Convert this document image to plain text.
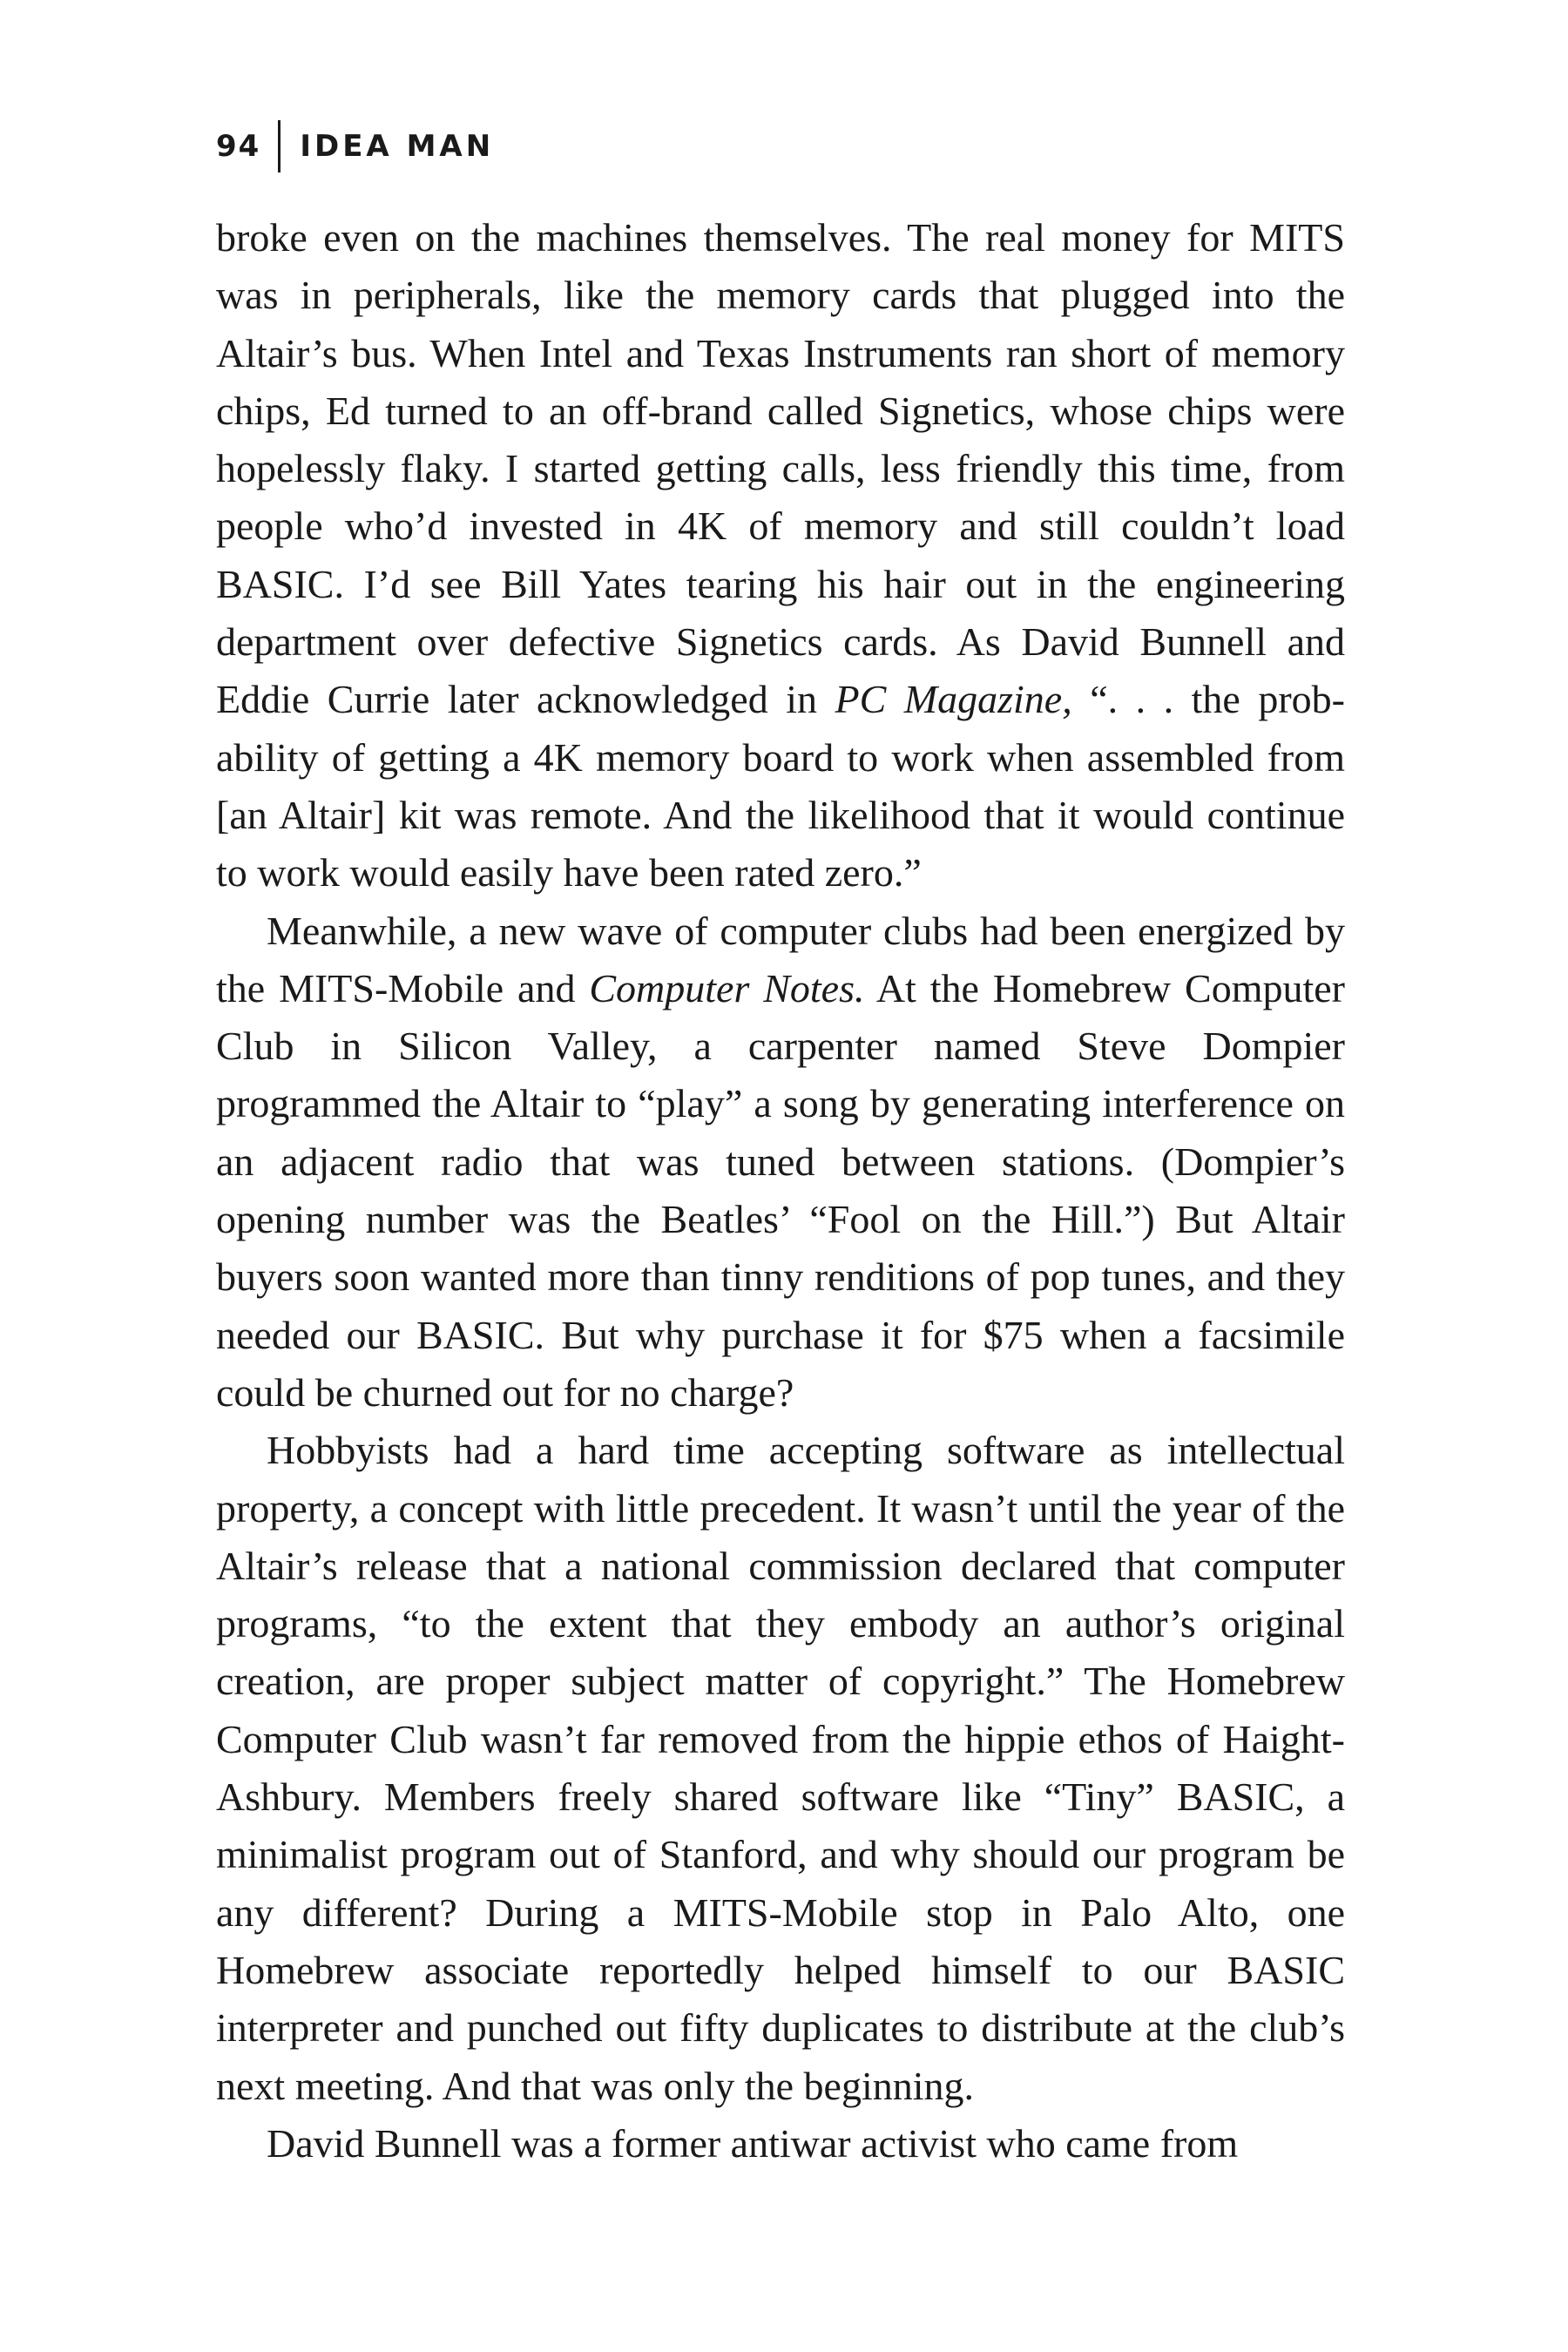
94 IDEA MAN

broke even on the machines themselves. The real money for MITS was in peripherals, like the memory cards that plugged into the Altair’s bus. When Intel and Texas Instruments ran short of memory chips, Ed turned to an off-brand called Signetics, whose chips were hopelessly flaky. I started getting calls, less friendly this time, from people who’d invested in 4K of memory and still couldn’t load BASIC. I’d see Bill Yates tearing his hair out in the engineering department over defective Signetics cards. As David Bunnell and Eddie Currie later acknowledged in PC Magazine, “. . . the probability of getting a 4K memory board to work when assembled from [an Altair] kit was remote. And the likelihood that it would continue to work would easily have been rated zero.”

Meanwhile, a new wave of computer clubs had been energized by the MITS-Mobile and Computer Notes. At the Homebrew Computer Club in Silicon Valley, a carpenter named Steve Dompier programmed the Altair to “play” a song by generating interference on an adjacent radio that was tuned between stations. (Dompier’s opening number was the Beatles’ “Fool on the Hill.”) But Altair buyers soon wanted more than tinny renditions of pop tunes, and they needed our BASIC. But why purchase it for $75 when a facsimile could be churned out for no charge?

Hobbyists had a hard time accepting software as intellectual property, a concept with little precedent. It wasn’t until the year of the Altair’s release that a national commission declared that computer programs, “to the extent that they embody an author’s original creation, are proper subject matter of copyright.” The Homebrew Computer Club wasn’t far removed from the hippie ethos of Haight-Ashbury. Members freely shared software like “Tiny” BASIC, a minimalist program out of Stanford, and why should our program be any different? During a MITS-Mobile stop in Palo Alto, one Homebrew associate reportedly helped himself to our BASIC interpreter and punched out fifty duplicates to distribute at the club’s next meeting. And that was only the beginning.

David Bunnell was a former antiwar activist who came from
